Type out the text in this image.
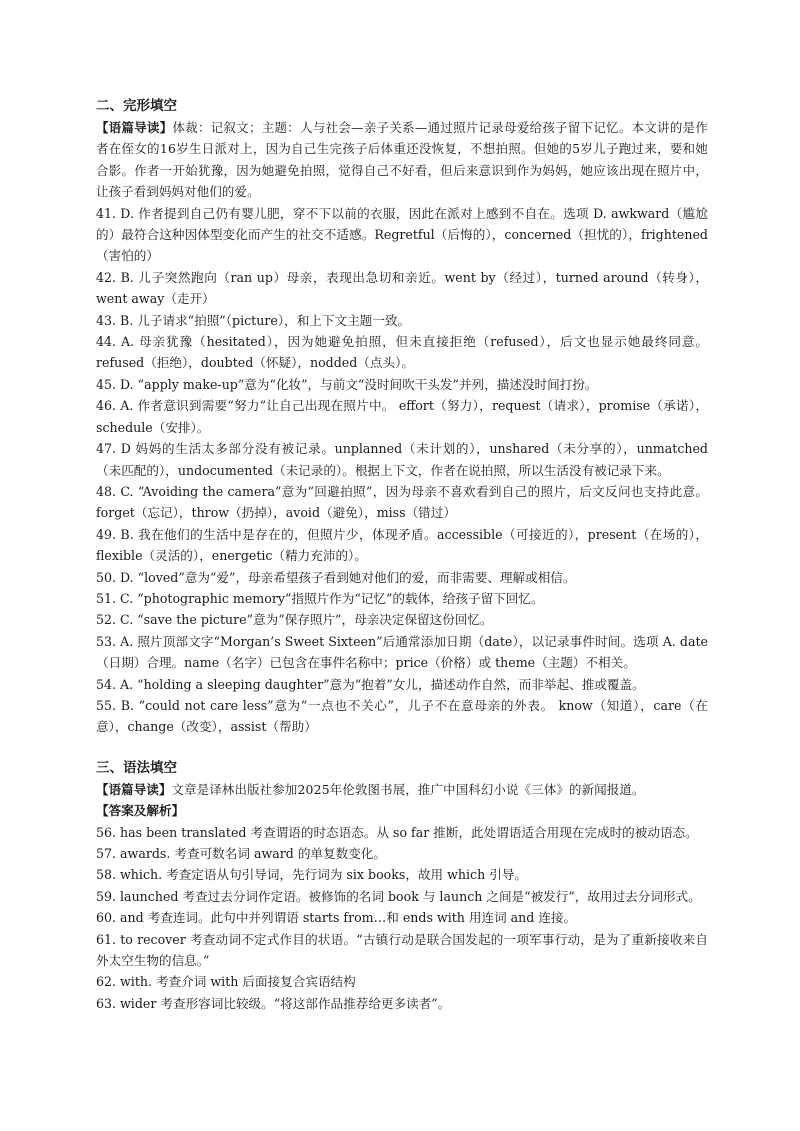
二、完形填空

【语篇导读】体裁：记叙文；主题：人与社会—亲子关系—通过照片记录母爱给孩子留下记忆。本文讲的是作者在侄女的16岁生日派对上，因为自己生完孩子后体重还没恢复，不想拍照。但她的5岁儿子跑过来，要和她合影。作者一开始犹豫，因为她避免拍照，觉得自己不好看，但后来意识到作为妈妈，她应该出现在照片中，让孩子看到妈妈对他们的爱。

41. D. 作者提到自己仍有婴儿肥，穿不下以前的衣服，因此在派对上感到不自在。选项 D. awkward（尴尬的）最符合这种因体型变化而产生的社交不适感。Regretful（后悔的），concerned（担忧的），frightened（害怕的）

42. B. 儿子突然跑向（ran up）母亲，表现出急切和亲近。went by（经过），turned around（转身），went away（走开）

43. B. 儿子请求“拍照”（picture），和上下文主题一致。

44. A. 母亲犹豫（hesitated），因为她避免拍照，但未直接拒绝（refused），后文也显示她最终同意。refused（拒绝），doubted（怀疑），nodded（点头）。

45. D. “apply make-up”意为“化妆”，与前文“没时间吹干头发”并列，描述没时间打扮。

46. A. 作者意识到需要“努力”让自己出现在照片中。 effort（努力），request（请求），promise（承诺），schedule（安排）。

47. D 妈妈的生活太多部分没有被记录。unplanned（未计划的），unshared（未分享的），unmatched（未匹配的），undocumented（未记录的）。根据上下文，作者在说拍照，所以生活没有被记录下来。

48. C. “Avoiding the camera”意为“回避拍照”，因为母亲不喜欢看到自己的照片，后文反问也支持此意。 forget（忘记），throw（扔掉），avoid（避免），miss（错过）

49. B. 我在他们的生活中是存在的，但照片少，体现矛盾。accessible（可接近的），present（在场的），flexible（灵活的），energetic（精力充沛的）。

50. D. “loved”意为“爱”，母亲希望孩子看到她对他们的爱，而非需要、理解或相信。

51. C. “photographic memory”指照片作为“记忆”的载体，给孩子留下回忆。

52. C. “save the picture”意为“保存照片”，母亲决定保留这份回忆。

53. A. 照片顶部文字“Morgan’s Sweet Sixteen”后通常添加日期（date），以记录事件时间。选项 A. date（日期）合理。name（名字）已包含在事件名称中；price（价格）或 theme（主题）不相关。

54. A. “holding a sleeping daughter”意为“抱着”女儿，描述动作自然，而非举起、推或覆盖。

55. B. “could not care less”意为“一点也不关心”，儿子不在意母亲的外表。 know（知道），care（在意），change（改变），assist（帮助）

三、语法填空

【语篇导读】文章是译林出版社参加2025年伦敦图书展，推广中国科幻小说《三体》的新闻报道。

【答案及解析】

56. has been translated 考查谓语的时态语态。从 so far 推断，此处谓语适合用现在完成时的被动语态。

57. awards. 考查可数名词 award 的单复数变化。

58. which. 考查定语从句引导词，先行词为 six books，故用 which 引导。

59. launched 考查过去分词作定语。被修饰的名词 book 与 launch 之间是“被发行”，故用过去分词形式。

60. and 考查连词。此句中并列谓语 starts from…和 ends with 用连词 and 连接。

61. to recover 考查动词不定式作目的状语。“古镇行动是联合国发起的一项军事行动，是为了重新接收来自外太空生物的信息。”

62. with. 考查介词 with 后面接复合宾语结构

63. wider 考查形容词比较级。“将这部作品推荐给更多读者”。
